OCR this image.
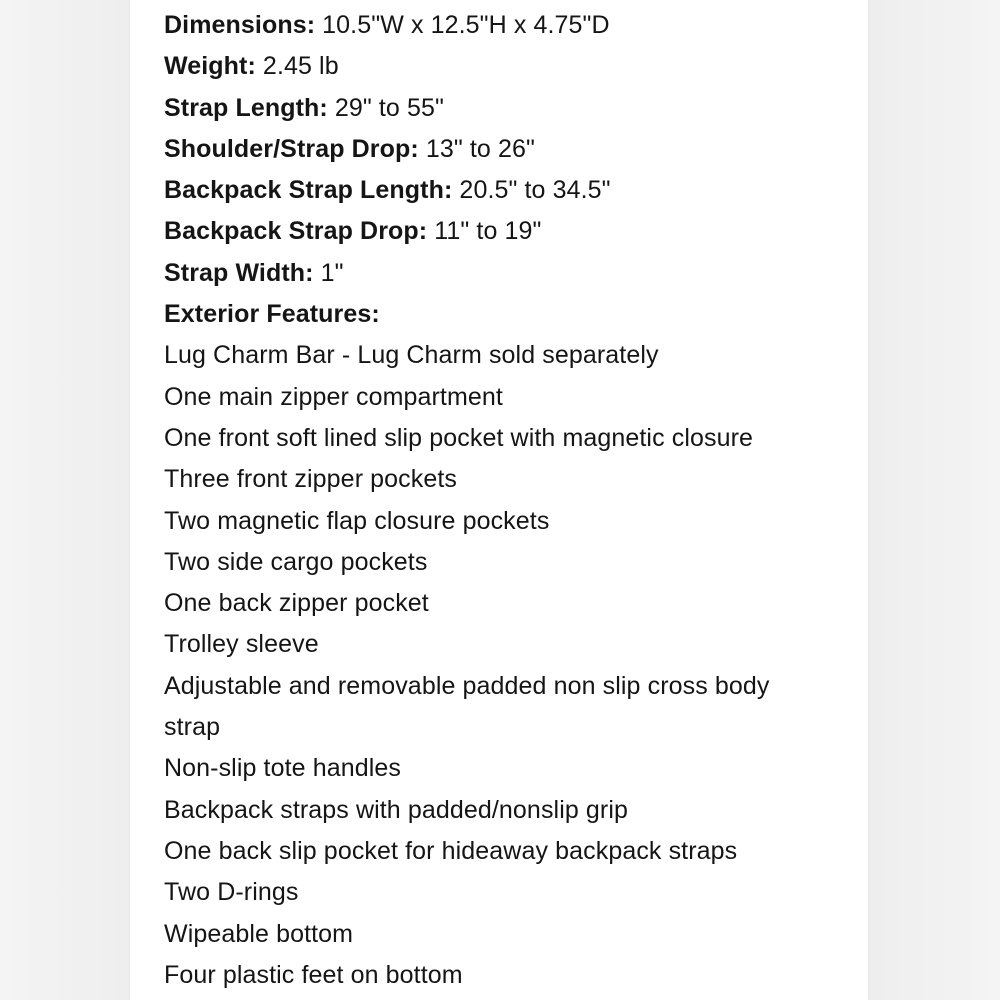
Dimensions: 10.5"W x 12.5"H x 4.75"D
Weight: 2.45 lb
Strap Length: 29" to 55"
Shoulder/Strap Drop: 13" to 26"
Backpack Strap Length: 20.5" to 34.5"
Backpack Strap Drop: 11" to 19"
Strap Width: 1"
Exterior Features:
Lug Charm Bar - Lug Charm sold separately
One main zipper compartment
One front soft lined slip pocket with magnetic closure
Three front zipper pockets
Two magnetic flap closure pockets
Two side cargo pockets
One back zipper pocket
Trolley sleeve
Adjustable and removable padded non slip cross body
strap
Non-slip tote handles
Backpack straps with padded/nonslip grip
One back slip pocket for hideaway backpack straps
Two D-rings
Wipeable bottom
Four plastic feet on bottom
